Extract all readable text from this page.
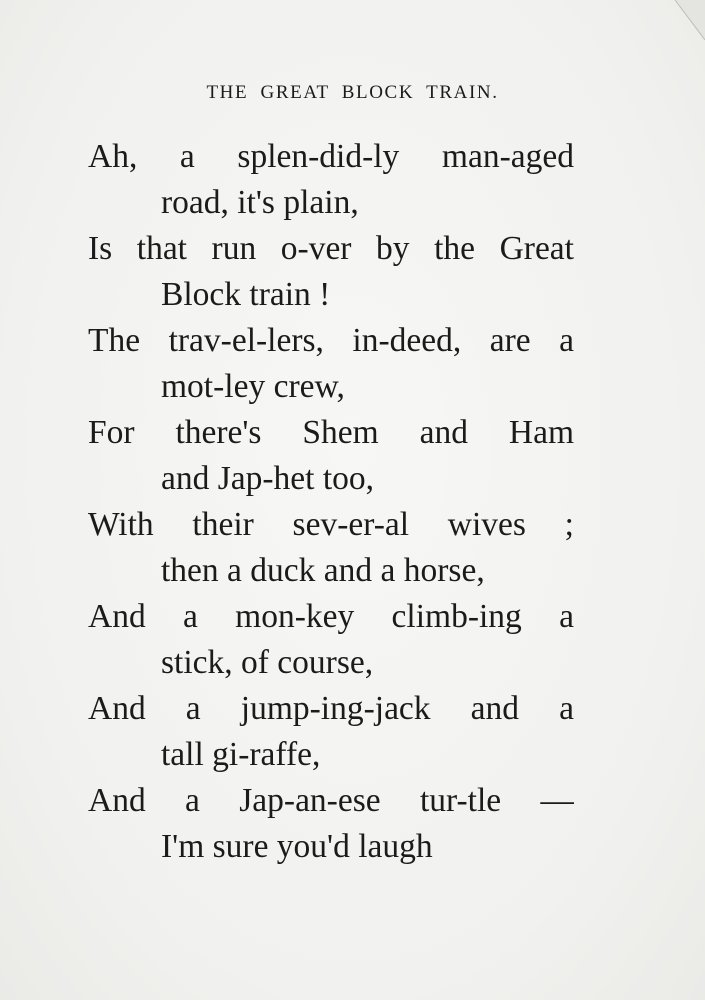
THE GREAT BLOCK TRAIN.
Ah, a splen-did-ly man-aged
road, it's plain,
Is that run o-ver by the Great
Block train !
The trav-el-lers, in-deed, are a
mot-ley crew,
For there's Shem and Ham
and Jap-het too,
With their sev-er-al wives ;
then a duck and a horse,
And a mon-key climb-ing a
stick, of course,
And a jump-ing-jack and a
tall gi-raffe,
And a Jap-an-ese tur-tle —
I'm sure you'd laugh
